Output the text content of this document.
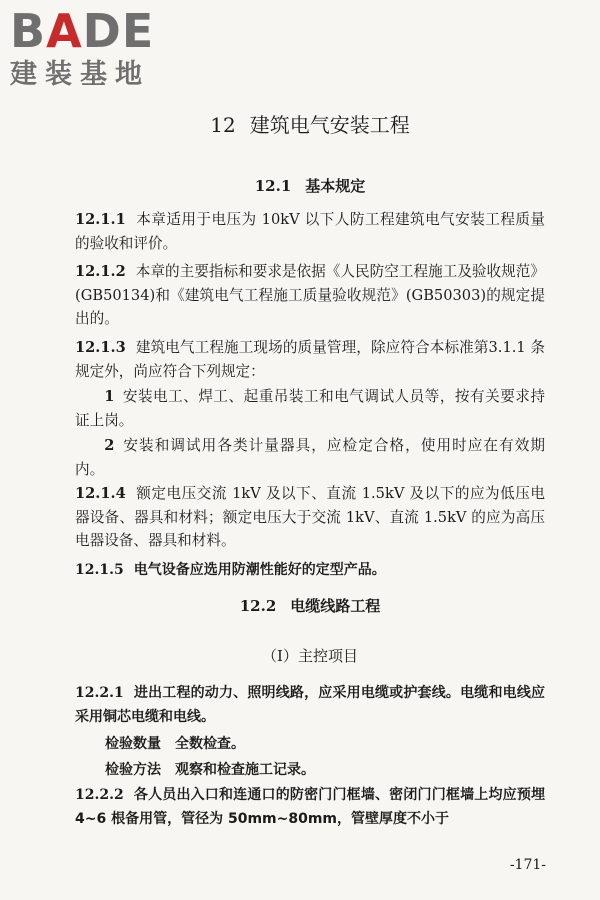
BADE
建装基地
12 建筑电气安装工程
12.1 基本规定
12.1.1 本章适用于电压为 10kV 以下人防工程建筑电气安装工程质量的验收和评价。
12.1.2 本章的主要指标和要求是依据《人民防空工程施工及验收规范》(GB50134)和《建筑电气工程施工质量验收规范》(GB50303)的规定提出的。
12.1.3 建筑电气工程施工现场的质量管理，除应符合本标准第3.1.1 条规定外，尚应符合下列规定：
1 安装电工、焊工、起重吊装工和电气调试人员等，按有关要求持证上岗。
2 安装和调试用各类计量器具，应检定合格，使用时应在有效期内。
12.1.4 额定电压交流 1kV 及以下、直流 1.5kV 及以下的应为低压电器设备、器具和材料；额定电压大于交流 1kV、直流 1.5kV 的应为高压电器设备、器具和材料。
12.1.5 电气设备应选用防潮性能好的定型产品。
12.2 电缆线路工程
（Ⅰ）主控项目
12.2.1 进出工程的动力、照明线路，应采用电缆或护套线。电缆和电线应采用铜芯电缆和电线。
检验数量 全数检查。
检验方法 观察和检查施工记录。
12.2.2 各人员出入口和连通口的防密门门框墙、密闭门门框墙上均应预埋 4~6 根备用管，管径为 50mm~80mm，管壁厚度不小于
-171-
